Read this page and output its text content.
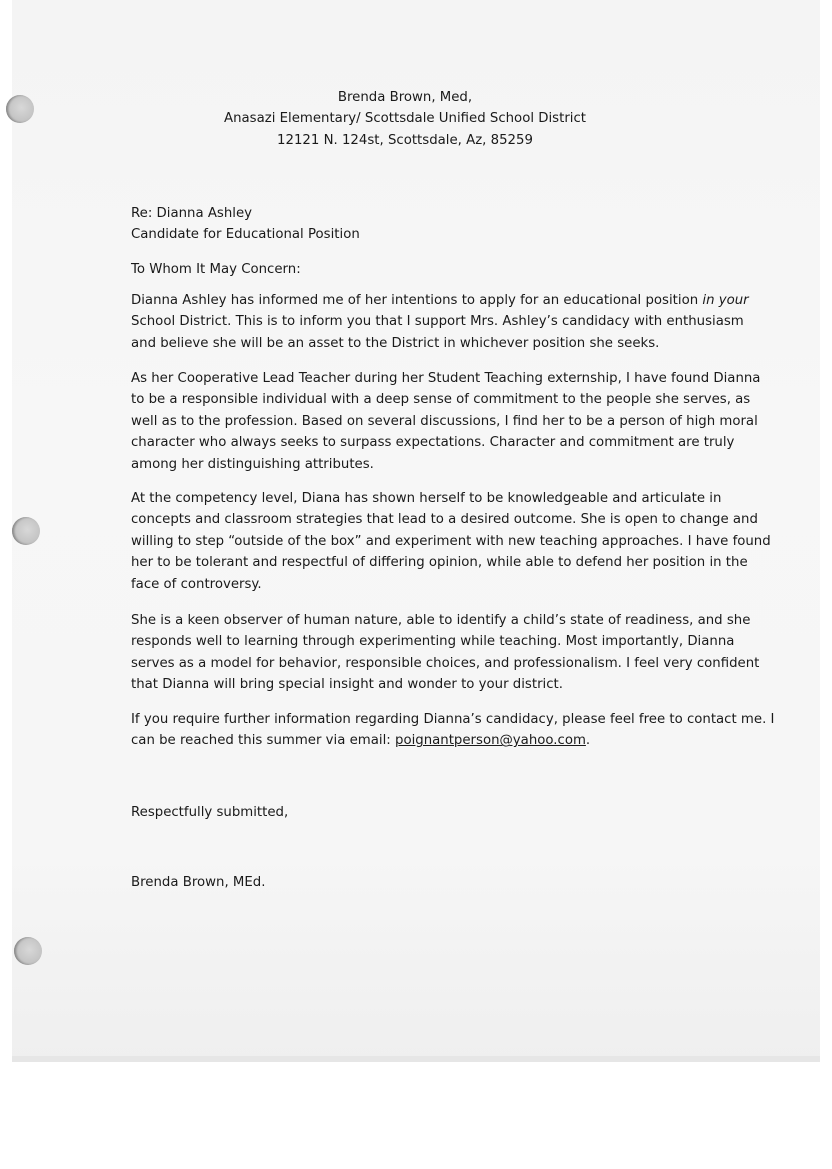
Brenda Brown, Med,
Anasazi Elementary/ Scottsdale Unified School District
12121 N. 124st, Scottsdale, Az, 85259
Re: Dianna Ashley
Candidate for Educational Position
To Whom It May Concern:
Dianna Ashley has informed me of her intentions to apply for an educational position in your
School District. This is to inform you that I support Mrs. Ashley’s candidacy with enthusiasm
and believe she will be an asset to the District in whichever position she seeks.
As her Cooperative Lead Teacher during her Student Teaching externship, I have found Dianna
to be a responsible individual with a deep sense of commitment to the people she serves, as
well as to the profession. Based on several discussions, I find her to be a person of high moral
character who always seeks to surpass expectations. Character and commitment are truly
among her distinguishing attributes.
At the competency level, Diana has shown herself to be knowledgeable and articulate in
concepts and classroom strategies that lead to a desired outcome. She is open to change and
willing to step “outside of the box” and experiment with new teaching approaches. I have found
her to be tolerant and respectful of differing opinion, while able to defend her position in the
face of controversy.
She is a keen observer of human nature, able to identify a child’s state of readiness, and she
responds well to learning through experimenting while teaching. Most importantly, Dianna
serves as a model for behavior, responsible choices, and professionalism. I feel very confident
that Dianna will bring special insight and wonder to your district.
If you require further information regarding Dianna’s candidacy, please feel free to contact me. I
can be reached this summer via email: poignantperson@yahoo.com.
Respectfully submitted,
Brenda Brown, MEd.
